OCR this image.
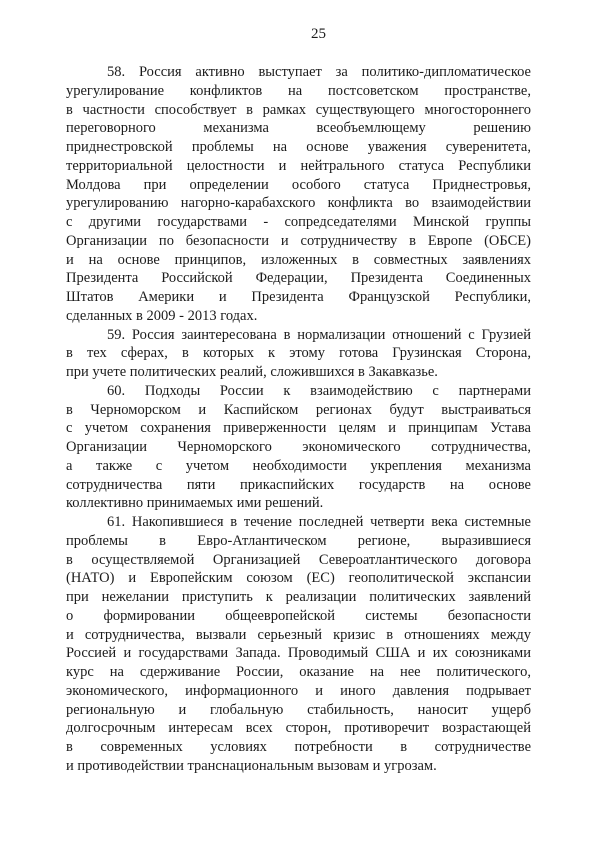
25
58. Россия активно выступает за политико-дипломатическое
урегулирование конфликтов на постсоветском пространстве,
в частности способствует в рамках существующего многостороннего
переговорного механизма всеобъемлющему решению
приднестровской проблемы на основе уважения суверенитета,
территориальной целостности и нейтрального статуса Республики
Молдова при определении особого статуса Приднестровья,
урегулированию нагорно-карабахского конфликта во взаимодействии
с другими государствами - сопредседателями Минской группы
Организации по безопасности и сотрудничеству в Европе (ОБСЕ)
и на основе принципов, изложенных в совместных заявлениях
Президента Российской Федерации, Президента Соединенных
Штатов Америки и Президента Французской Республики,
сделанных в 2009 - 2013 годах.
59. Россия заинтересована в нормализации отношений с Грузией
в тех сферах, в которых к этому готова Грузинская Сторона,
при учете политических реалий, сложившихся в Закавказье.
60. Подходы России к взаимодействию с партнерами
в Черноморском и Каспийском регионах будут выстраиваться
с учетом сохранения приверженности целям и принципам Устава
Организации Черноморского экономического сотрудничества,
а также с учетом необходимости укрепления механизма
сотрудничества пяти прикаспийских государств на основе
коллективно принимаемых ими решений.
61. Накопившиеся в течение последней четверти века системные
проблемы в Евро-Атлантическом регионе, выразившиеся
в осуществляемой Организацией Североатлантического договора
(НАТО) и Европейским союзом (ЕС) геополитической экспансии
при нежелании приступить к реализации политических заявлений
о формировании общеевропейской системы безопасности
и сотрудничества, вызвали серьезный кризис в отношениях между
Россией и государствами Запада. Проводимый США и их союзниками
курс на сдерживание России, оказание на нее политического,
экономического, информационного и иного давления подрывает
региональную и глобальную стабильность, наносит ущерб
долгосрочным интересам всех сторон, противоречит возрастающей
в современных условиях потребности в сотрудничестве
и противодействии транснациональным вызовам и угрозам.
